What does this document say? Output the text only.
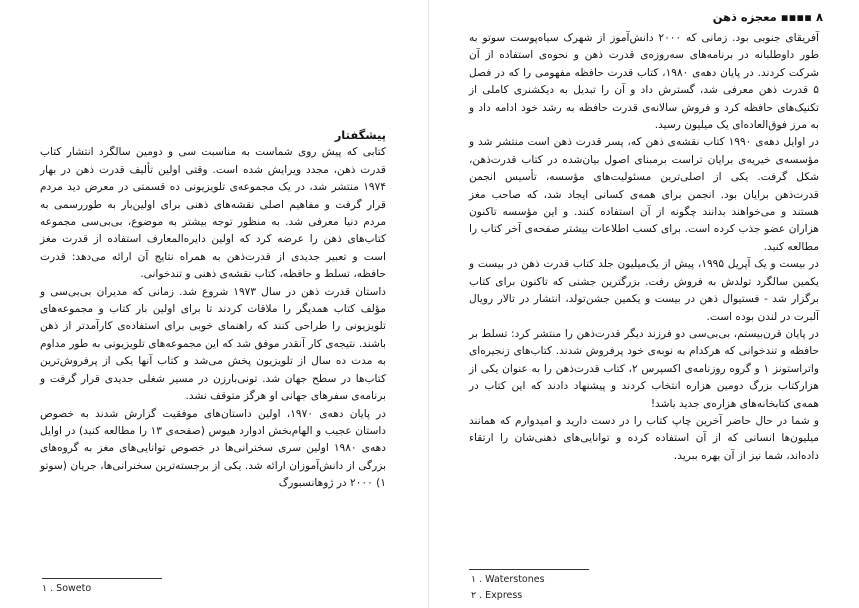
پیشگفتار

کتابی که پیش روی شماست به مناسبت سی و دومین سالگرد انتشار کتاب قدرت ذهن، مجدد ویرایش شده است. وقتی اولین تألیف قدرت ذهن در بهار ۱۹۷۴ منتشر شد، در یک مجموعه‌ی تلویزیونی ده قسمتی در معرض دید مردم قرار گرفت و مفاهیم اصلی نقشه‌های ذهنی برای اولین‌بار به طوررسمی به مردم دنیا معرفی شد. به منظور توجه بیشتر به موضوع، بی‌بی‌سی مجموعه کتاب‌های ذهن را عرضه کرد که اولین دایره‌المعارف استفاده از قدرت مغز است و تعبیر جدیدی از قدرت‌ذهن به همراه نتایج آن ارائه می‌دهد: قدرت حافظه، تسلط و حافظه، کتاب نقشه‌ی ذهنی و تندخوانی.

داستان قدرت ذهن در سال ۱۹۷۳ شروع شد. زمانی که مدیران بی‌بی‌سی و مؤلف کتاب همدیگر را ملاقات کردند تا برای اولین بار کتاب و مجموعه‌های تلویزیونی را طراحی کنند که راهنمای خوبی برای استفاده‌ی کارآمدتر از ذهن باشند. نتیجه‌ی کار آنقدر موفق شد که این مجموعه‌های تلویزیونی به طور مداوم به مدت ده سال از تلویزیون پخش می‌شد و کتاب آنها یکی از پرفروش‌ترین کتاب‌ها در سطح جهان شد. تونی‌بارزن در مسیر شغلی جدیدی قرار گرفت و برنامه‌ی سفرهای جهانی او هرگز متوقف نشد.

در پایان دهه‌ی ۱۹۷۰، اولین داستان‌های موفقیت گزارش شدند به خصوص داستان عجیب و الهام‌بخش ادوارد هیوس (صفحه‌ی ۱۳ را مطالعه کنید) در اوایل دهه‌ی ۱۹۸۰ اولین سری سخنرانی‌ها در خصوص توانایی‌های مغز به گروه‌های بزرگی از دانش‌آموزان ارائه شد. یکی از برجسته‌ترین سخنرانی‌ها، جریان (سوتو ۱) ۲۰۰۰ در ژوهانسبورگ

۱ . Soweto
۸ ▪▪▪▪ معجزه ذهن

آفریقای جنوبی بود. زمانی که ۲۰۰۰ دانش‌آموز از شهرک سیاه‌پوست سوتو به طور داوطلبانه در برنامه‌های سه‌روزه‌ی قدرت ذهن و نحوه‌ی استفاده از آن شرکت کردند. در پایان دهه‌ی ۱۹۸۰، کتاب قدرت حافظه مفهومی را که در فصل ۵ قدرت ذهن معرفی شد، گسترش داد و آن را تبدیل به دیکشنری کاملی از تکنیک‌های حافظه کرد و فروش سالانه‌ی قدرت حافظه به رشد خود ادامه داد و به مرز فوق‌العاده‌ای یک میلیون رسید.

در اوایل دهه‌ی ۱۹۹۰ کتاب نقشه‌ی ذهن که، پسر قدرت ذهن است منتشر شد و مؤسسه‌ی خیریه‌ی برایان تراست برمبنای اصول بیان‌شده در کتاب قدرت‌ذهن، شکل گرفت. یکی از اصلی‌ترین مسئولیت‌های مؤسسه، تأسیس انجمن قدرت‌ذهن برایان بود. انجمن برای همه‌ی کسانی ایجاد شد، که صاحب مغز هستند و می‌خواهند بدانند چگونه از آن استفاده کنند. و این مؤسسه تاکنون هزاران عضو جذب کرده است. برای کسب اطلاعات بیشتر صفحه‌ی آخر کتاب را مطالعه کنید.

در بیست و یک آپریل ۱۹۹۵، پیش از یک‌میلیون جلد کتاب قدرت ذهن در بیست و یکمین سالگرد تولدش به فروش رفت. بزرگترین جشنی که تاکنون برای کتاب برگزار شد - فستیوال ذهن در بیست و یکمین جشن‌تولد، انتشار در تالار رویال آلبرت در لندن بوده است.

در پایان قرن‌بیستم، بی‌بی‌سی دو فرزند دیگر قدرت‌ذهن را منتشر کرد: تسلط بر حافظه و تندخوانی که هرکدام به نوبه‌ی خود پرفروش شدند. کتاب‌های زنجیره‌ای واتراستونز ۱ و گروه روزنامه‌ی اکسپرس ۲، کتاب قدرت‌ذهن را به عنوان یکی از هزارکتاب بزرگ دومین هزاره انتخاب کردند و پیشنهاد دادند که این کتاب در همه‌ی کتابخانه‌های هزاره‌ی جدید باشد!

و شما در حال حاضر آخرین چاپ کتاب را در دست دارید و امیدوارم که همانند میلیون‌ها انسانی که از آن استفاده کرده و توانایی‌های ذهنی‌شان را ارتقاء داده‌اند، شما نیز از آن بهره ببرید.

۱ . Waterstones
۲ . Express
